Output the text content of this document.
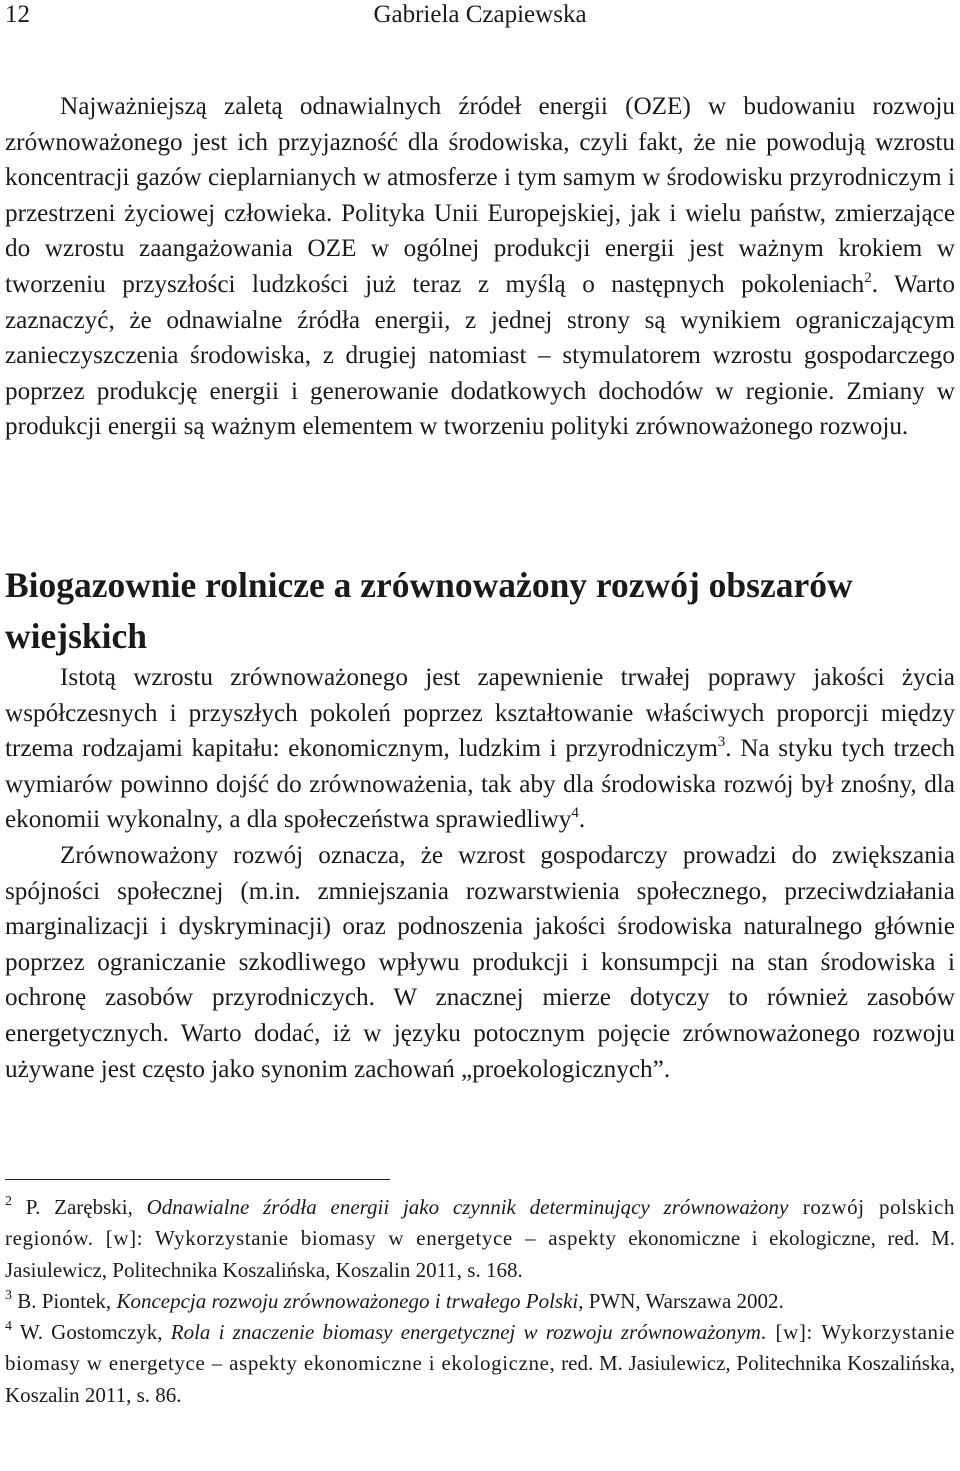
12	Gabriela Czapiewska

Najważniejszą zaletą odnawialnych źródeł energii (OZE) w budowaniu rozwoju zrównoważonego jest ich przyjazność dla środowiska, czyli fakt, że nie powodują wzrostu koncentracji gazów cieplarnianych w atmosferze i tym samym w środowisku przyrodniczym i przestrzeni życiowej człowieka. Polityka Unii Europejskiej, jak i wielu państw, zmierzające do wzrostu zaangażowania OZE w ogólnej produkcji energii jest ważnym krokiem w tworzeniu przyszłości ludzkości już teraz z myślą o następnych pokoleniach$^2$. Warto zaznaczyć, że odnawialne źródła energii, z jednej strony są wynikiem ograniczającym zanieczyszczenia środowiska, z drugiej natomiast – stymulatorem wzrostu gospodarczego poprzez produkcję energii i generowanie dodatkowych dochodów w regionie. Zmiany w produkcji energii są ważnym elementem w tworzeniu polityki zrównoważonego rozwoju.

Biogazownie rolnicze a zrównoważony rozwój obszarów wiejskich

Istotą wzrostu zrównoważonego jest zapewnienie trwałej poprawy jakości życia współczesnych i przyszłych pokoleń poprzez kształtowanie właściwych proporcji między trzema rodzajami kapitału: ekonomicznym, ludzkim i przyrodniczym$^3$. Na styku tych trzech wymiarów powinno dojść do zrównoważenia, tak aby dla środowiska rozwój był znośny, dla ekonomii wykonalny, a dla społeczeństwa sprawiedliwy$^4$.

Zrównoważony rozwój oznacza, że wzrost gospodarczy prowadzi do zwiększania spójności społecznej (m.in. zmniejszania rozwarstwienia społecznego, przeciwdziałania marginalizacji i dyskryminacji) oraz podnoszenia jakości środowiska naturalnego głównie poprzez ograniczanie szkodliwego wpływu produkcji i konsumpcji na stan środowiska i ochronę zasobów przyrodniczych. W znacznej mierze dotyczy to również zasobów energetycznych. Warto dodać, iż w języku potocznym pojęcie zrównoważonego rozwoju używane jest często jako synonim zachowań „proekologicznych”.

$^2$ P. Zarębski, Odnawialne źródła energii jako czynnik determinujący zrównoważony rozwój polskich regionów. [w]: Wykorzystanie biomasy w energetyce – aspekty ekonomiczne i ekologiczne, red. M. Jasiulewicz, Politechnika Koszalińska, Koszalin 2011, s. 168.

$^3$ B. Piontek, Koncepcja rozwoju zrównoważonego i trwałego Polski, PWN, Warszawa 2002.

$^4$ W. Gostomczyk, Rola i znaczenie biomasy energetycznej w rozwoju zrównoważonym. [w]: Wykorzystanie biomasy w energetyce – aspekty ekonomiczne i ekologiczne, red. M. Jasiulewicz, Politechnika Koszalińska, Koszalin 2011, s. 86.
